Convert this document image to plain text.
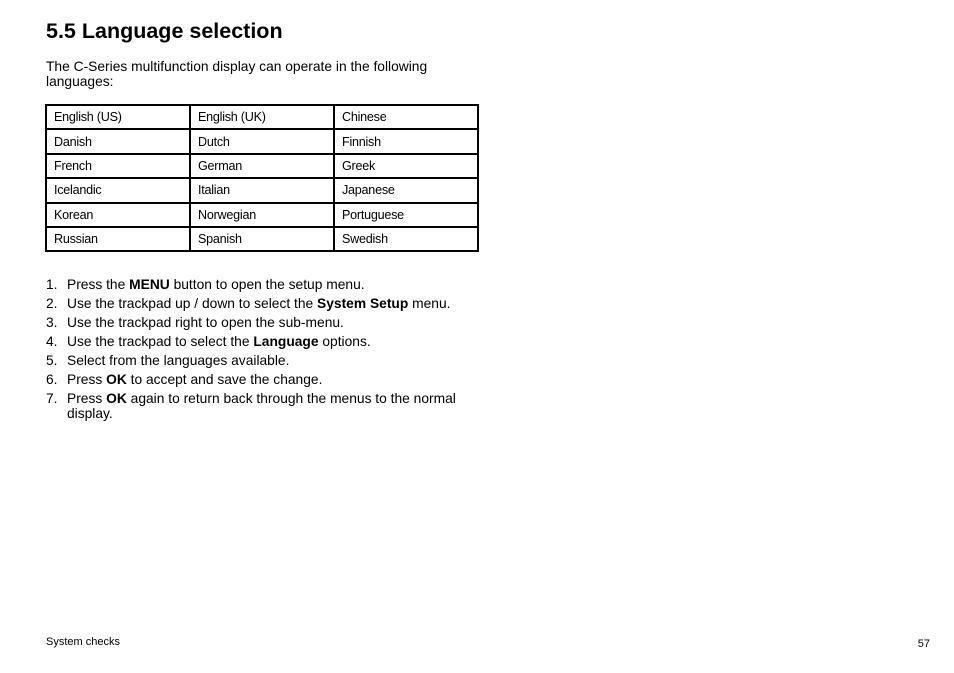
5.5 Language selection

The C-Series multifunction display can operate in the following languages:

English (US)	English (UK)	Chinese
Danish	Dutch	Finnish
French	German	Greek
Icelandic	Italian	Japanese
Korean	Norwegian	Portuguese
Russian	Spanish	Swedish
1. Press the MENU button to open the setup menu.
2. Use the trackpad up / down to select the System Setup menu.
3. Use the trackpad right to open the sub-menu.
4. Use the trackpad to select the Language options.
5. Select from the languages available.
6. Press OK to accept and save the change.
7. Press OK again to return back through the menus to the normal display.
System checks	57
